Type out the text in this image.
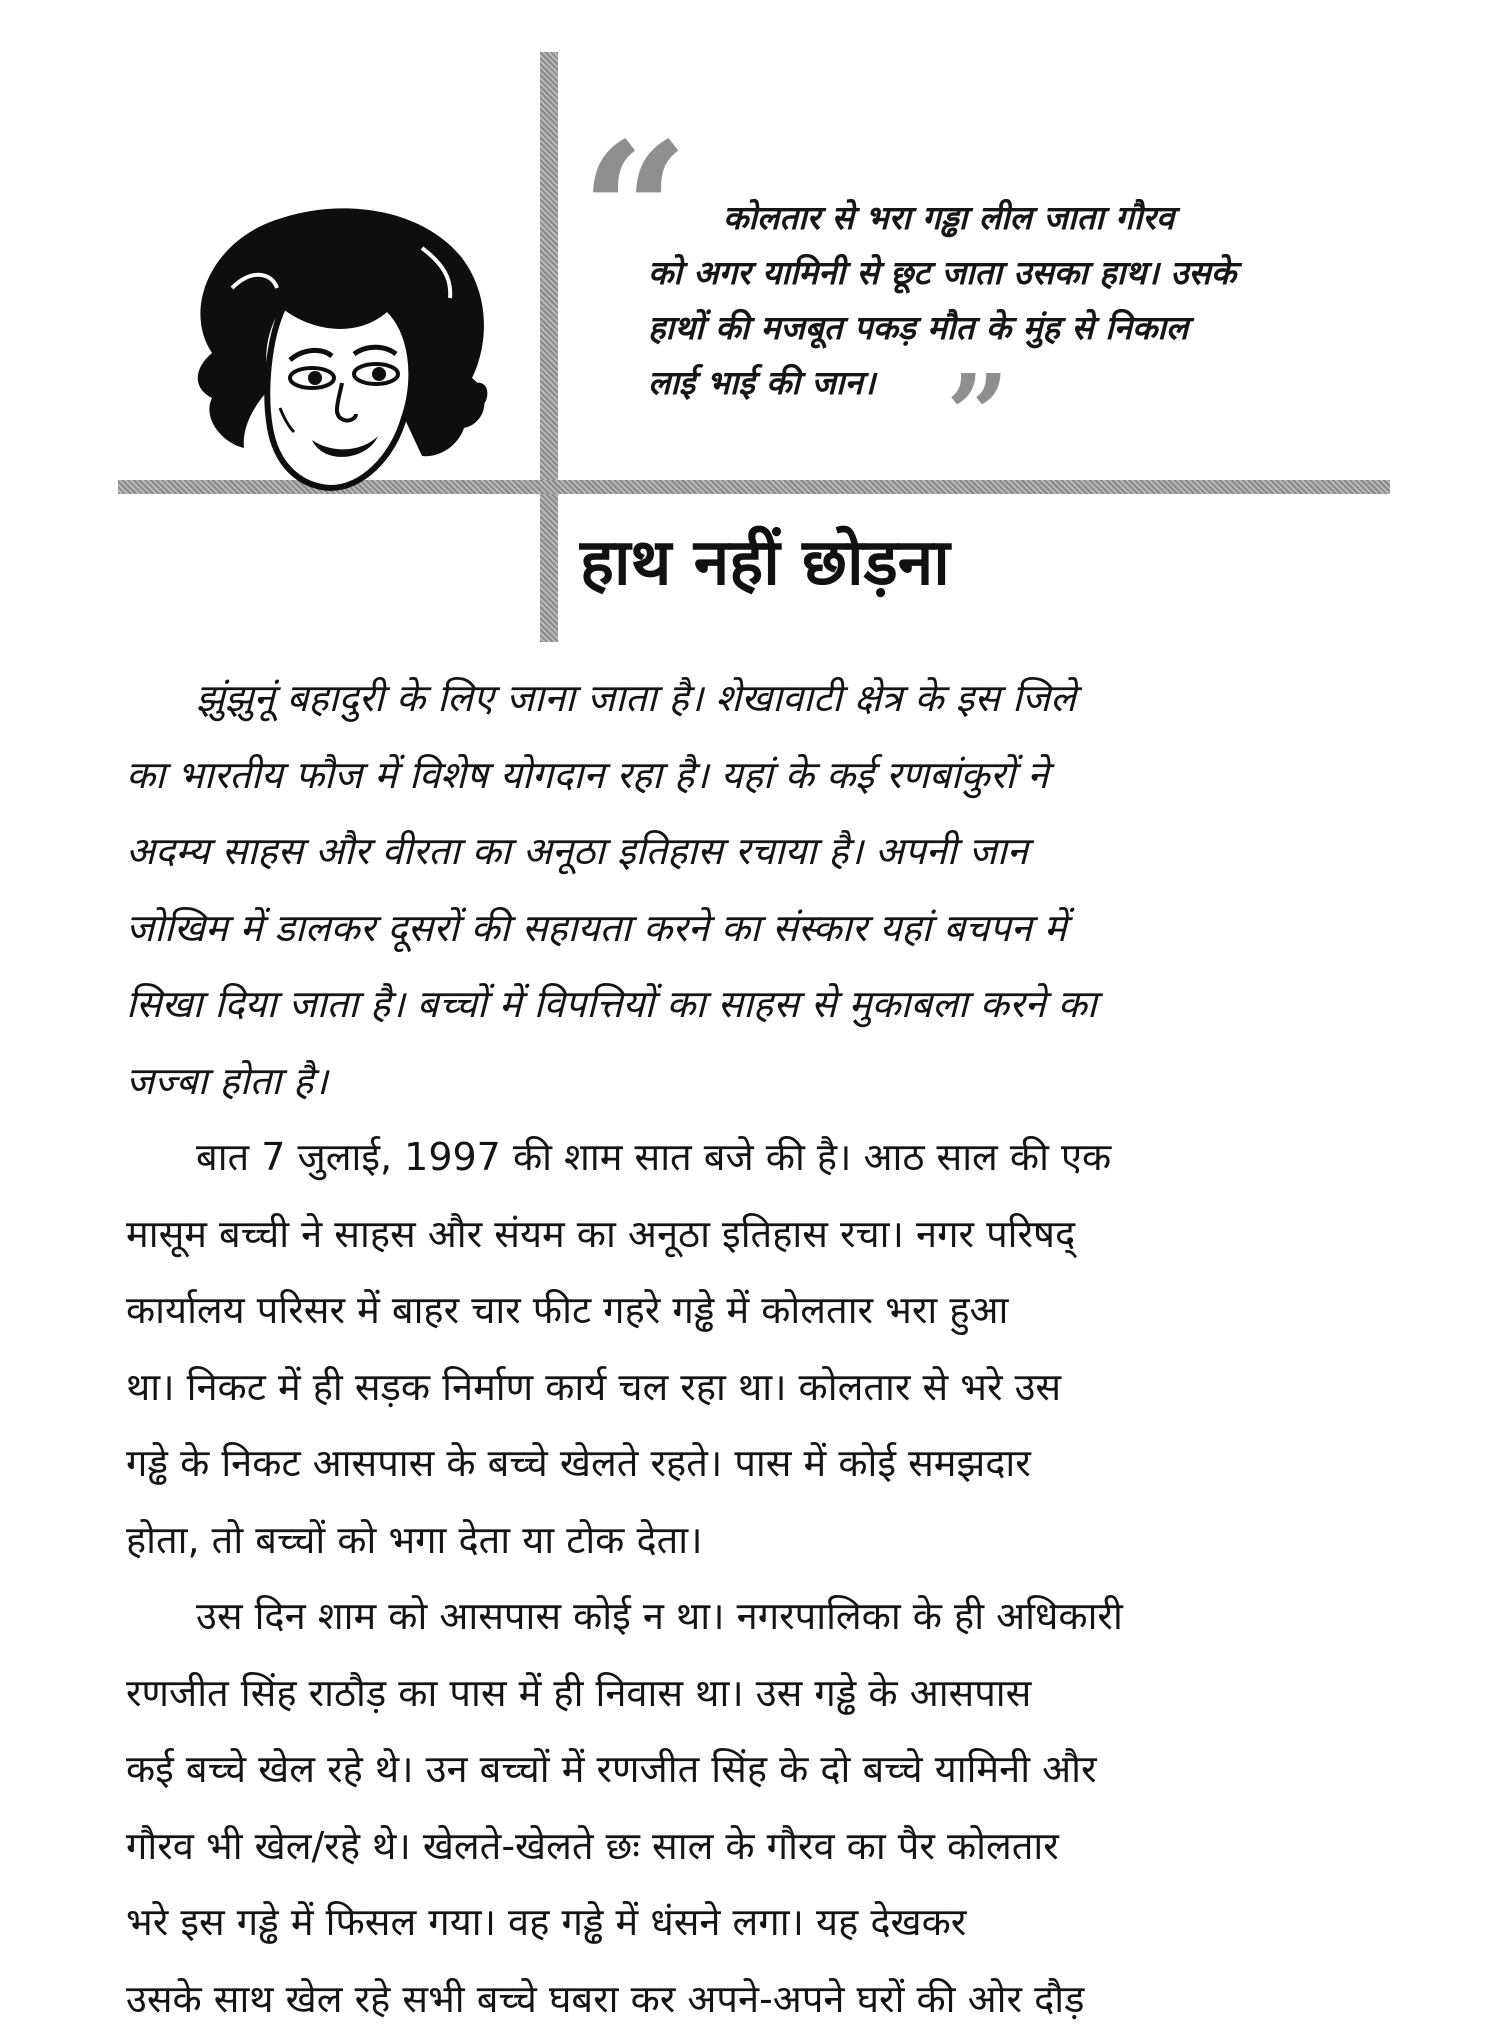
“
”
कोलतार से भरा गड्ढा लील जाता गौरव
को अगर यामिनी से छूट जाता उसका हाथ। उसके
हाथों की मजबूत पकड़ मौत के मुंह से निकाल
लाई भाई की जान।
हाथ नहीं छोड़ना

झुंझुनूं बहादुरी के लिए जाना जाता है। शेखावाटी क्षेत्र के इस जिले
का भारतीय फौज में विशेष योगदान रहा है। यहां के कई रणबांकुरों ने
अदम्य साहस और वीरता का अनूठा इतिहास रचाया है। अपनी जान
जोखिम में डालकर दूसरों की सहायता करने का संस्कार यहां बचपन में
सिखा दिया जाता है। बच्चों में विपत्तियों का साहस से मुकाबला करने का
जज्बा होता है।

बात 7 जुलाई, 1997 की शाम सात बजे की है। आठ साल की एक
मासूम बच्ची ने साहस और संयम का अनूठा इतिहास रचा। नगर परिषद्
कार्यालय परिसर में बाहर चार फीट गहरे गड्ढे में कोलतार भरा हुआ
था। निकट में ही सड़क निर्माण कार्य चल रहा था। कोलतार से भरे उस
गड्ढे के निकट आसपास के बच्चे खेलते रहते। पास में कोई समझदार
होता, तो बच्चों को भगा देता या टोक देता।

उस दिन शाम को आसपास कोई न था। नगरपालिका के ही अधिकारी
रणजीत सिंह राठौड़ का पास में ही निवास था। उस गड्ढे के आसपास
कई बच्चे खेल रहे थे। उन बच्चों में रणजीत सिंह के दो बच्चे यामिनी और
गौरव भी खेल/रहे थे। खेलते-खेलते छः साल के गौरव का पैर कोलतार
भरे इस गड्ढे में फिसल गया। वह गड्ढे में धंसने लगा। यह देखकर
उसके साथ खेल रहे सभी बच्चे घबरा कर अपने-अपने घरों की ओर दौड़
